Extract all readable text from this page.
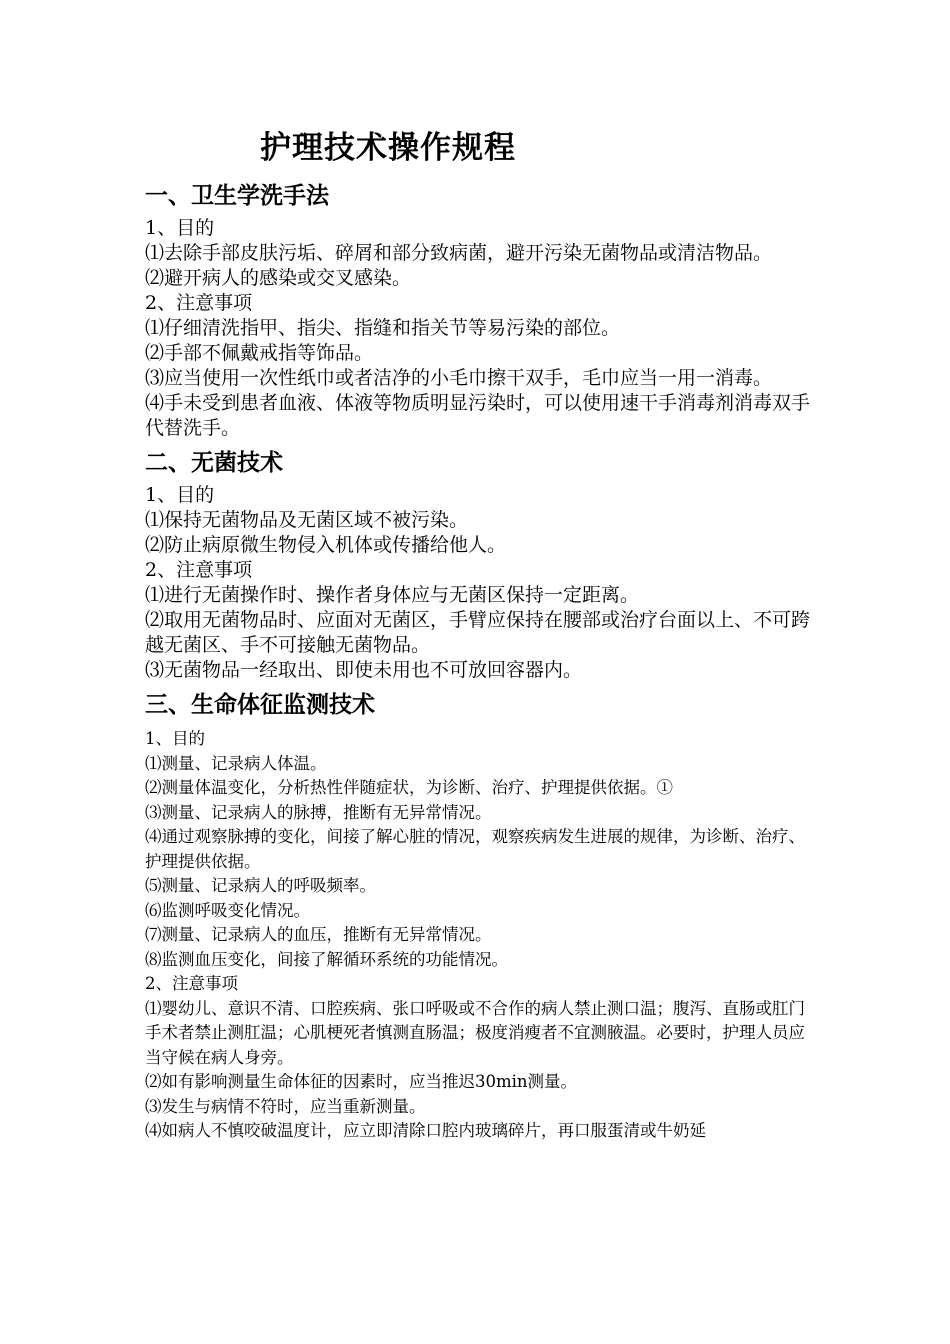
护理技术操作规程
一、卫生学洗手法

1、目的

⑴去除手部皮肤污垢、碎屑和部分致病菌，避开污染无菌物品或清洁物品。

⑵避开病人的感染或交叉感染。

2、注意事项

⑴仔细清洗指甲、指尖、指缝和指关节等易污染的部位。

⑵手部不佩戴戒指等饰品。

⑶应当使用一次性纸巾或者洁净的小毛巾擦干双手，毛巾应当一用一消毒。

⑷手未受到患者血液、体液等物质明显污染时，可以使用速干手消毒剂消毒双手代替洗手。

二、无菌技术

1、目的

⑴保持无菌物品及无菌区域不被污染。

⑵防止病原微生物侵入机体或传播给他人。

2、注意事项

⑴进行无菌操作时、操作者身体应与无菌区保持一定距离。

⑵取用无菌物品时、应面对无菌区，手臂应保持在腰部或治疗台面以上、不可跨越无菌区、手不可接触无菌物品。

⑶无菌物品一经取出、即使未用也不可放回容器内。

三、生命体征监测技术

1、目的

⑴测量、记录病人体温。

⑵测量体温变化，分析热性伴随症状，为诊断、治疗、护理提供依据。①

⑶测量、记录病人的脉搏，推断有无异常情况。

⑷通过观察脉搏的变化，间接了解心脏的情况，观察疾病发生进展的规律，为诊断、治疗、护理提供依据。

⑸测量、记录病人的呼吸频率。

⑹监测呼吸变化情况。

⑺测量、记录病人的血压，推断有无异常情况。

⑻监测血压变化，间接了解循环系统的功能情况。

2、注意事项

⑴婴幼儿、意识不清、口腔疾病、张口呼吸或不合作的病人禁止测口温；腹泻、直肠或肛门手术者禁止测肛温；心肌梗死者慎测直肠温；极度消瘦者不宜测腋温。必要时，护理人员应当守候在病人身旁。

⑵如有影响测量生命体征的因素时，应当推迟30min测量。

⑶发生与病情不符时，应当重新测量。

⑷如病人不慎咬破温度计，应立即清除口腔内玻璃碎片，再口服蛋清或牛奶延
